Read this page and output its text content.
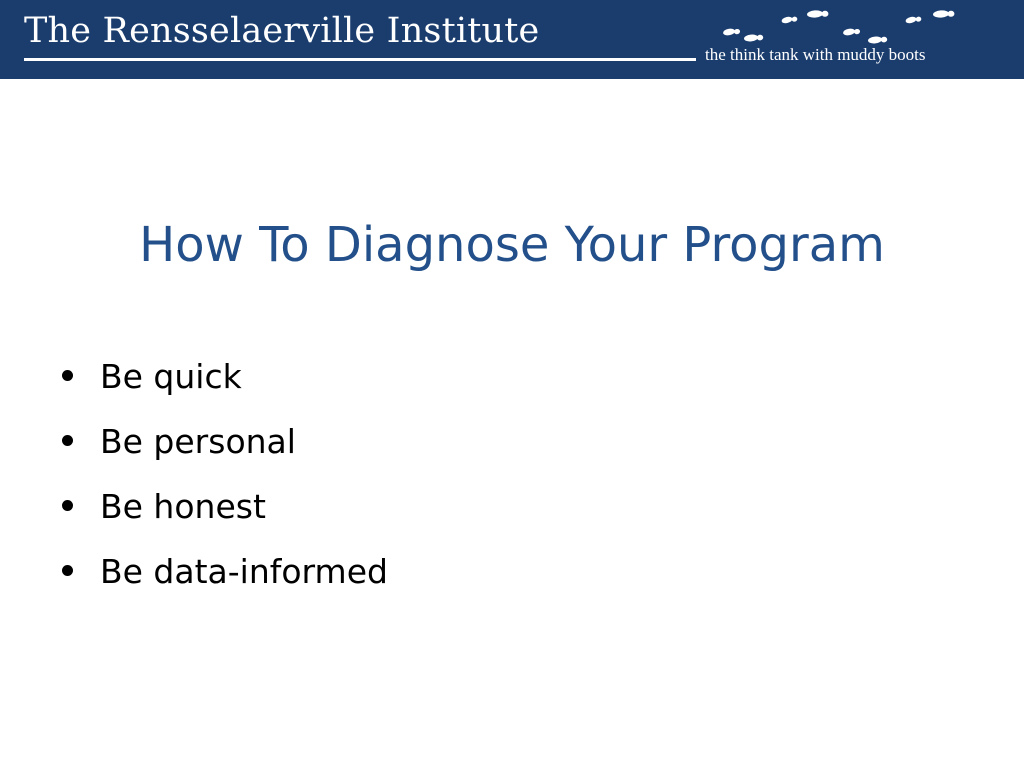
The Rensselaerville Institute
the think tank with muddy boots
How To Diagnose Your Program
Be quick
Be personal
Be honest
Be data-informed
